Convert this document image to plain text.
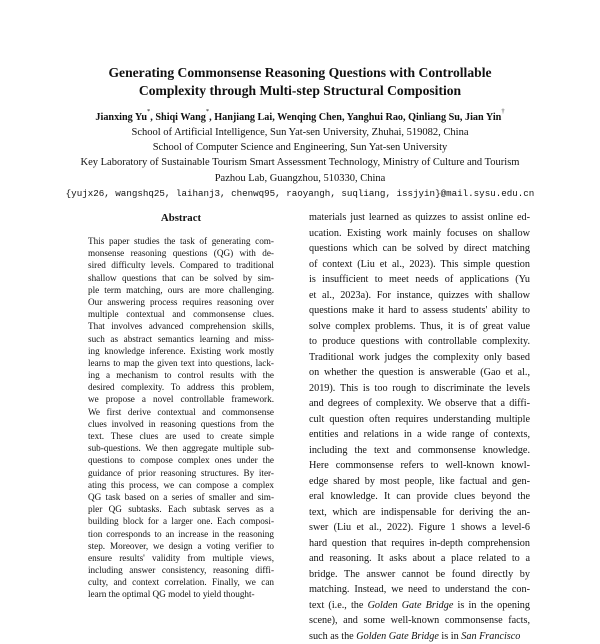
Generating Commonsense Reasoning Questions with Controllable
Complexity through Multi-step Structural Composition
Jianxing Yu*, Shiqi Wang*, Hanjiang Lai, Wenqing Chen, Yanghui Rao, Qinliang Su, Jian Yin†
School of Artificial Intelligence, Sun Yat-sen University, Zhuhai, 519082, China
School of Computer Science and Engineering, Sun Yat-sen University
Key Laboratory of Sustainable Tourism Smart Assessment Technology, Ministry of Culture and Tourism
Pazhou Lab, Guangzhou, 510330, China
{yujx26, wangshq25, laihanj3, chenwq95, raoyangh, suqliang, issjyin}@mail.sysu.edu.cn
Abstract
This paper studies the task of generating com-
monsense reasoning questions (QG) with de-
sired difficulty levels. Compared to traditional
shallow questions that can be solved by sim-
ple term matching, ours are more challenging.
Our answering process requires reasoning over
multiple contextual and commonsense clues.
That involves advanced comprehension skills,
such as abstract semantics learning and miss-
ing knowledge inference. Existing work mostly
learns to map the given text into questions, lack-
ing a mechanism to control results with the
desired complexity. To address this problem,
we propose a novel controllable framework.
We first derive contextual and commonsense
clues involved in reasoning questions from the
text. These clues are used to create simple
sub-questions. We then aggregate multiple sub-
questions to compose complex ones under the
guidance of prior reasoning structures. By iter-
ating this process, we can compose a complex
QG task based on a series of smaller and sim-
pler QG subtasks. Each subtask serves as a
building block for a larger one. Each composi-
tion corresponds to an increase in the reasoning
step. Moreover, we design a voting verifier to
ensure results' validity from multiple views,
including answer consistency, reasoning diffi-
culty, and context correlation. Finally, we can
learn the optimal QG model to yield thought-
materials just learned as quizzes to assist online ed-
ucation. Existing work mainly focuses on shallow
questions which can be solved by direct matching
of context (Liu et al., 2023). This simple question
is insufficient to meet needs of applications (Yu
et al., 2023a). For instance, quizzes with shallow
questions make it hard to assess students' ability to
solve complex problems. Thus, it is of great value
to produce questions with controllable complexity.
Traditional work judges the complexity only based
on whether the question is answerable (Gao et al.,
2019). This is too rough to discriminate the levels
and degrees of complexity. We observe that a diffi-
cult question often requires understanding multiple
entities and relations in a wide range of contexts,
including the text and commonsense knowledge.
Here commonsense refers to well-known knowl-
edge shared by most people, like factual and gen-
eral knowledge. It can provide clues beyond the
text, which are indispensable for deriving the an-
swer (Liu et al., 2022). Figure 1 shows a level-6
hard question that requires in-depth comprehension
and reasoning. It asks about a place related to a
bridge. The answer cannot be found directly by
matching. Instead, we need to understand the con-
text (i.e., the Golden Gate Bridge is in the opening
scene), and some well-known commonsense facts,
such as the Golden Gate Bridge is in San Francisco
